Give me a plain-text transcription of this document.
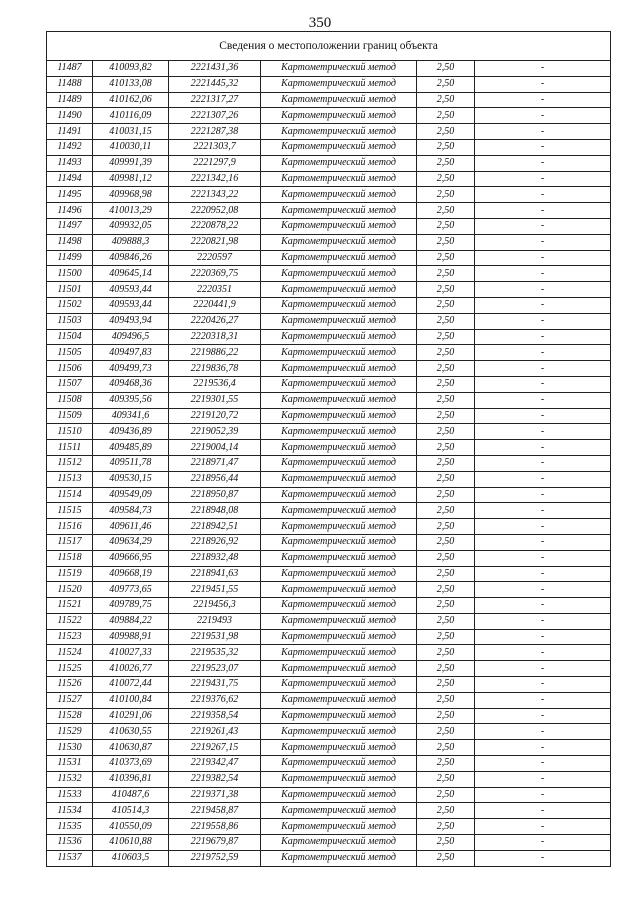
350
Сведения о местоположении границ объекта					
11487	410093,82	2221431,36	Картометрический метод	2,50	-
11488	410133,08	2221445,32	Картометрический метод	2,50	-
11489	410162,06	2221317,27	Картометрический метод	2,50	-
11490	410116,09	2221307,26	Картометрический метод	2,50	-
11491	410031,15	2221287,38	Картометрический метод	2,50	-
11492	410030,11	2221303,7	Картометрический метод	2,50	-
11493	409991,39	2221297,9	Картометрический метод	2,50	-
11494	409981,12	2221342,16	Картометрический метод	2,50	-
11495	409968,98	2221343,22	Картометрический метод	2,50	-
11496	410013,29	2220952,08	Картометрический метод	2,50	-
11497	409932,05	2220878,22	Картометрический метод	2,50	-
11498	409888,3	2220821,98	Картометрический метод	2,50	-
11499	409846,26	2220597	Картометрический метод	2,50	-
11500	409645,14	2220369,75	Картометрический метод	2,50	-
11501	409593,44	2220351	Картометрический метод	2,50	-
11502	409593,44	2220441,9	Картометрический метод	2,50	-
11503	409493,94	2220426,27	Картометрический метод	2,50	-
11504	409496,5	2220318,31	Картометрический метод	2,50	-
11505	409497,83	2219886,22	Картометрический метод	2,50	-
11506	409499,73	2219836,78	Картометрический метод	2,50	-
11507	409468,36	2219536,4	Картометрический метод	2,50	-
11508	409395,56	2219301,55	Картометрический метод	2,50	-
11509	409341,6	2219120,72	Картометрический метод	2,50	-
11510	409436,89	2219052,39	Картометрический метод	2,50	-
11511	409485,89	2219004,14	Картометрический метод	2,50	-
11512	409511,78	2218971,47	Картометрический метод	2,50	-
11513	409530,15	2218956,44	Картометрический метод	2,50	-
11514	409549,09	2218950,87	Картометрический метод	2,50	-
11515	409584,73	2218948,08	Картометрический метод	2,50	-
11516	409611,46	2218942,51	Картометрический метод	2,50	-
11517	409634,29	2218926,92	Картометрический метод	2,50	-
11518	409666,95	2218932,48	Картометрический метод	2,50	-
11519	409668,19	2218941,63	Картометрический метод	2,50	-
11520	409773,65	2219451,55	Картометрический метод	2,50	-
11521	409789,75	2219456,3	Картометрический метод	2,50	-
11522	409884,22	2219493	Картометрический метод	2,50	-
11523	409988,91	2219531,98	Картометрический метод	2,50	-
11524	410027,33	2219535,32	Картометрический метод	2,50	-
11525	410026,77	2219523,07	Картометрический метод	2,50	-
11526	410072,44	2219431,75	Картометрический метод	2,50	-
11527	410100,84	2219376,62	Картометрический метод	2,50	-
11528	410291,06	2219358,54	Картометрический метод	2,50	-
11529	410630,55	2219261,43	Картометрический метод	2,50	-
11530	410630,87	2219267,15	Картометрический метод	2,50	-
11531	410373,69	2219342,47	Картометрический метод	2,50	-
11532	410396,81	2219382,54	Картометрический метод	2,50	-
11533	410487,6	2219371,38	Картометрический метод	2,50	-
11534	410514,3	2219458,87	Картометрический метод	2,50	-
11535	410550,09	2219558,86	Картометрический метод	2,50	-
11536	410610,88	2219679,87	Картометрический метод	2,50	-
11537	410603,5	2219752,59	Картометрический метод	2,50	-
